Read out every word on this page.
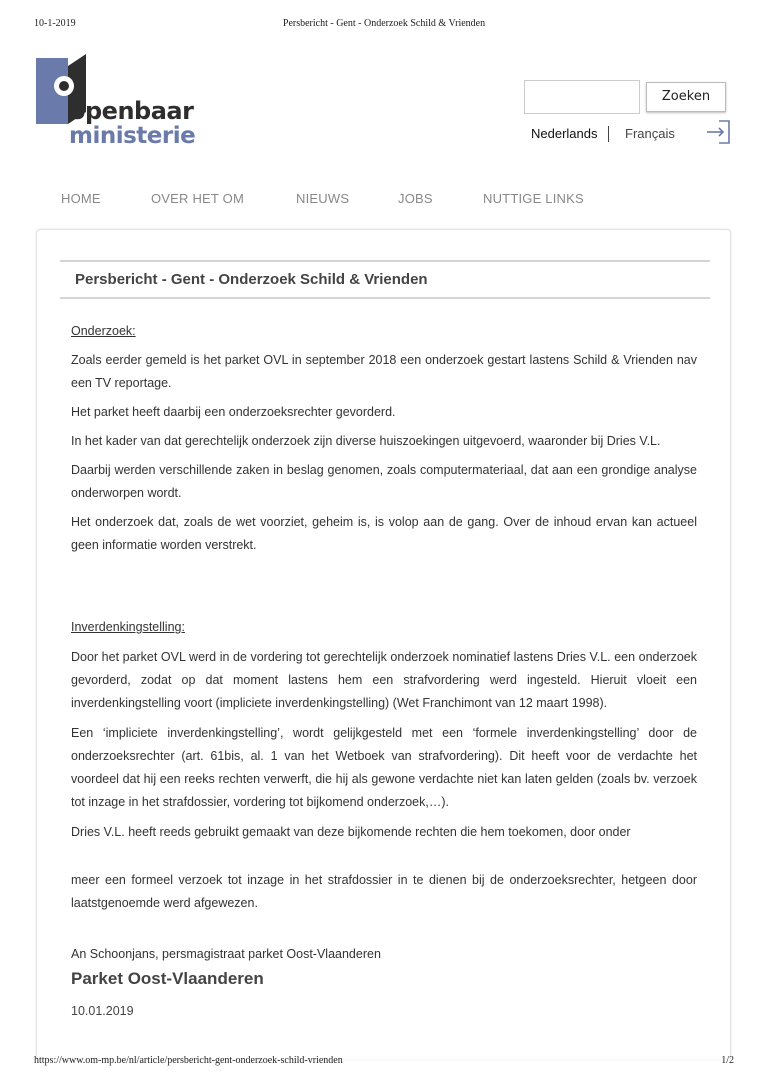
10-1-2019	Persbericht - Gent - Onderzoek Schild & Vrienden
openbaar
ministerie
Zoeken
Nederlands Français
HOME	OVER HET OM	NIEUWS	JOBS	NUTTIGE LINKS
Persbericht - Gent - Onderzoek Schild & Vrienden

Onderzoek:

Zoals eerder gemeld is het parket OVL in september 2018 een onderzoek gestart lastens Schild & Vrienden nav een TV reportage.

Het parket heeft daarbij een onderzoeksrechter gevorderd.

In het kader van dat gerechtelijk onderzoek zijn diverse huiszoekingen uitgevoerd, waaronder bij Dries V.L.

Daarbij werden verschillende zaken in beslag genomen, zoals computermateriaal, dat aan een grondige analyse onderworpen wordt.

Het onderzoek dat, zoals de wet voorziet, geheim is, is volop aan de gang. Over de inhoud ervan kan actueel geen informatie worden verstrekt.

Inverdenkingstelling:

Door het parket OVL werd in de vordering tot gerechtelijk onderzoek nominatief lastens Dries V.L. een onderzoek gevorderd, zodat op dat moment lastens hem een strafvordering werd ingesteld. Hieruit vloeit een inverdenkingstelling voort (impliciete inverdenkingstelling) (Wet Franchimont van 12 maart 1998).

Een ‘impliciete inverdenkingstelling’, wordt gelijkgesteld met een ‘formele inverdenkingstelling’ door de onderzoeksrechter (art. 61bis, al. 1 van het Wetboek van strafvordering). Dit heeft voor de verdachte het voordeel dat hij een reeks rechten verwerft, die hij als gewone verdachte niet kan laten gelden (zoals bv. verzoek tot inzage in het strafdossier, vordering tot bijkomend onderzoek,…).

Dries V.L. heeft reeds gebruikt gemaakt van deze bijkomende rechten die hem toekomen, door onder

meer een formeel verzoek tot inzage in het strafdossier in te dienen bij de onderzoeksrechter, hetgeen door laatstgenoemde werd afgewezen.

An Schoonjans, persmagistraat parket Oost-Vlaanderen
Parket Oost-Vlaanderen
10.01.2019
https://www.om-mp.be/nl/article/persbericht-gent-onderzoek-schild-vrienden	1/2
